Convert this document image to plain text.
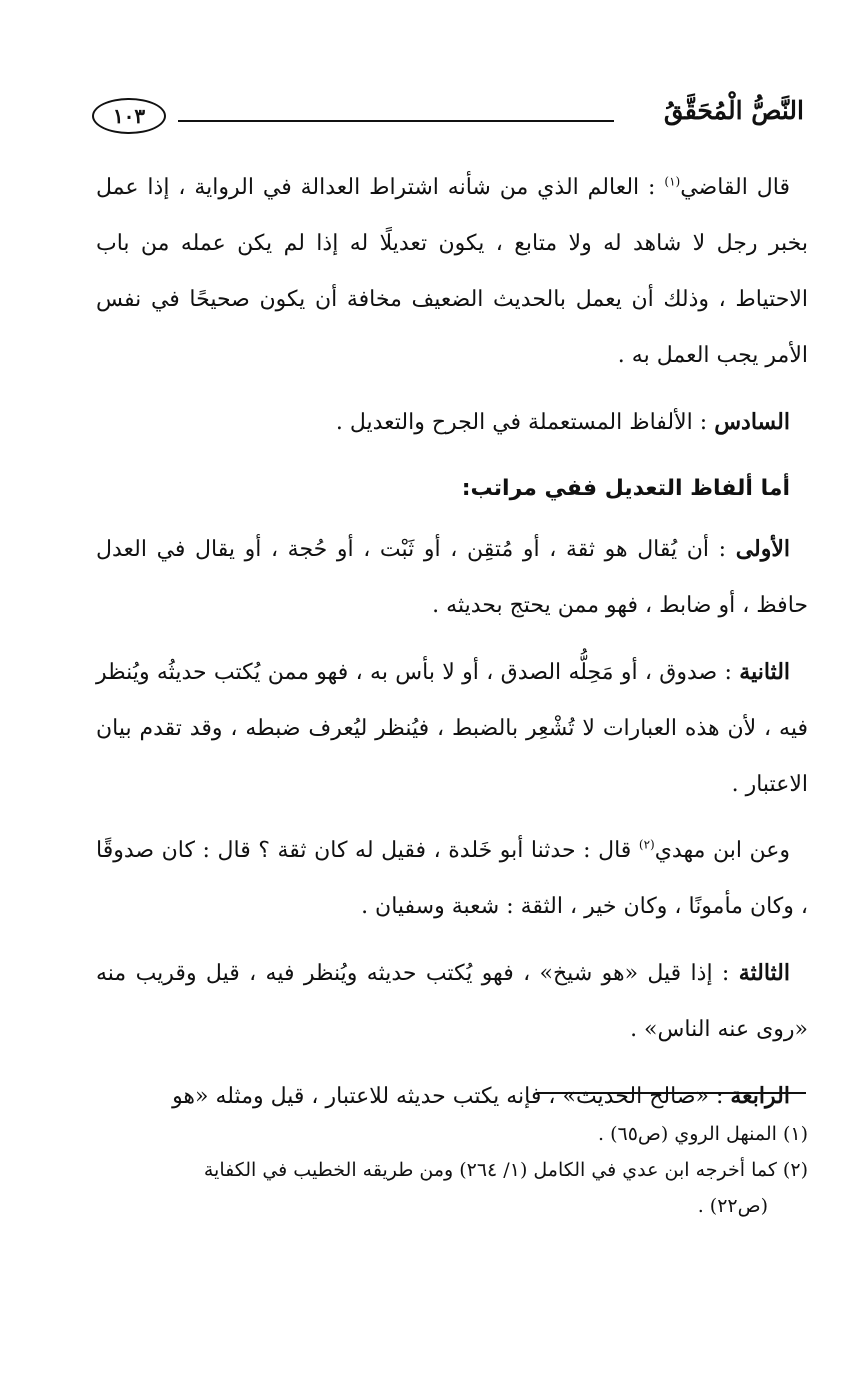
النَّصُّ الْمُحَقَّقُ
١٠٣

قال القاضي$^{(١)}$ : العالم الذي من شأنه اشتراط العدالة في الرواية ، إذا عمل بخبر رجل لا شاهد له ولا متابع ، يكون تعديلًا له إذا لم يكن عمله من باب الاحتياط ، وذلك أن يعمل بالحديث الضعيف مخافة أن يكون صحيحًا في نفس الأمر يجب العمل به .

السادس : الألفاظ المستعملة في الجرح والتعديل .

أما ألفاظ التعديل ففي مراتب:

الأولى : أن يُقال هو ثقة ، أو مُتقِن ، أو ثَبْت ، أو حُجة ، أو يقال في العدل حافظ ، أو ضابط ، فهو ممن يحتج بحديثه .

الثانية : صدوق ، أو مَحِلُّه الصدق ، أو لا بأس به ، فهو ممن يُكتب حديثُه ويُنظر فيه ، لأن هذه العبارات لا تُشْعِر بالضبط ، فيُنظر ليُعرف ضبطه ، وقد تقدم بيان الاعتبار .

وعن ابن مهدي$^{(٢)}$ قال : حدثنا أبو خَلدة ، فقيل له كان ثقة ؟ قال : كان صدوقًا ، وكان مأمونًا ، وكان خير ، الثقة : شعبة وسفيان .

الثالثة : إذا قيل «هو شيخ» ، فهو يُكتب حديثه ويُنظر فيه ، قيل وقريب منه «روى عنه الناس» .

الرابعة : «صالح الحديث» ، فإنه يكتب حديثه للاعتبار ، قيل ومثله «هو

(١) المنهل الروي (ص٦٥) .

(٢) كما أخرجه ابن عدي في الكامل (١/ ٢٦٤) ومن طريقه الخطيب في الكفاية

(ص٢٢) .
